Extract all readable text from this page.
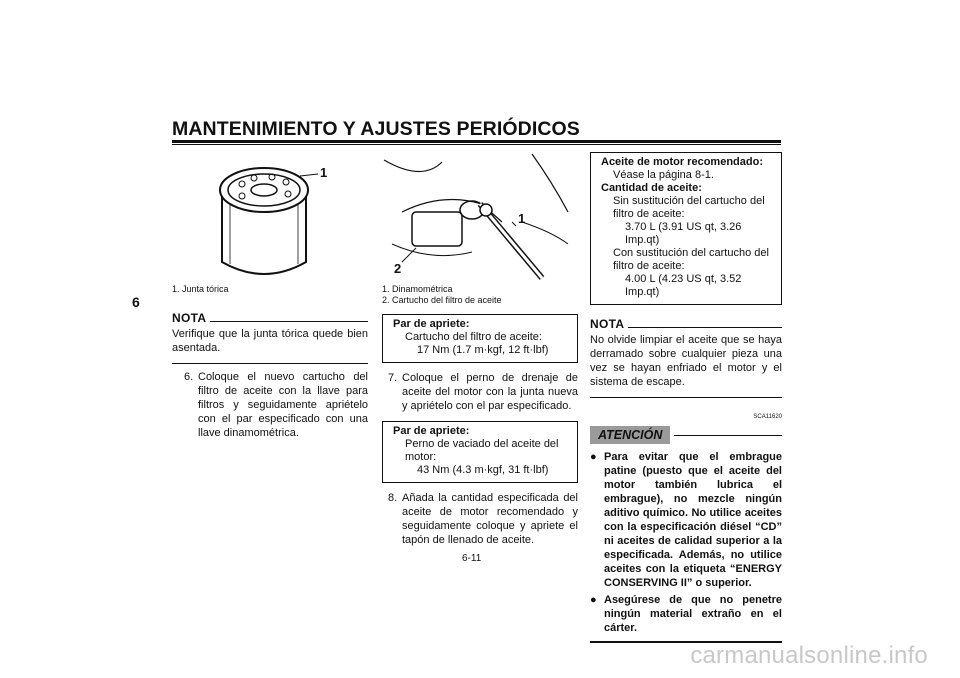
MANTENIMIENTO Y AJUSTES PERIÓDICOS
6
1
1. Junta tórica
NOTA
Verifique que la junta tórica quede bien asentada.
6. Coloque el nuevo cartucho del filtro de aceite con la llave para filtros y seguidamente apriételo con el par especificado con una llave dinamométrica.
1
2
1. Dinamométrica
2. Cartucho del filtro de aceite
Par de apriete:
Cartucho del filtro de aceite:
17 Nm (1.7 m·kgf, 12 ft·lbf)
7. Coloque el perno de drenaje de aceite del motor con la junta nueva y apriételo con el par especificado.
Par de apriete:
Perno de vaciado del aceite del motor:
43 Nm (4.3 m·kgf, 31 ft·lbf)
8. Añada la cantidad especificada del aceite de motor recomendado y seguidamente coloque y apriete el tapón de llenado de aceite.
Aceite de motor recomendado:
Véase la página 8-1.
Cantidad de aceite:
Sin sustitución del cartucho del filtro de aceite:
3.70 L (3.91 US qt, 3.26 Imp.qt)
Con sustitución del cartucho del filtro de aceite:
4.00 L (4.23 US qt, 3.52 Imp.qt)
NOTA
No olvide limpiar el aceite que se haya derramado sobre cualquier pieza una vez se hayan enfriado el motor y el sistema de escape.
SCA11620
ATENCIÓN
● Para evitar que el embrague patine (puesto que el aceite del motor también lubrica el embrague), no mezcle ningún aditivo químico. No utilice aceites con la especificación diésel “CD” ni aceites de calidad superior a la especificada. Además, no utilice aceites con la etiqueta “ENERGY CONSERVING II” o superior.
● Asegúrese de que no penetre ningún material extraño en el cárter.
6-11
carmanualsonline.info
